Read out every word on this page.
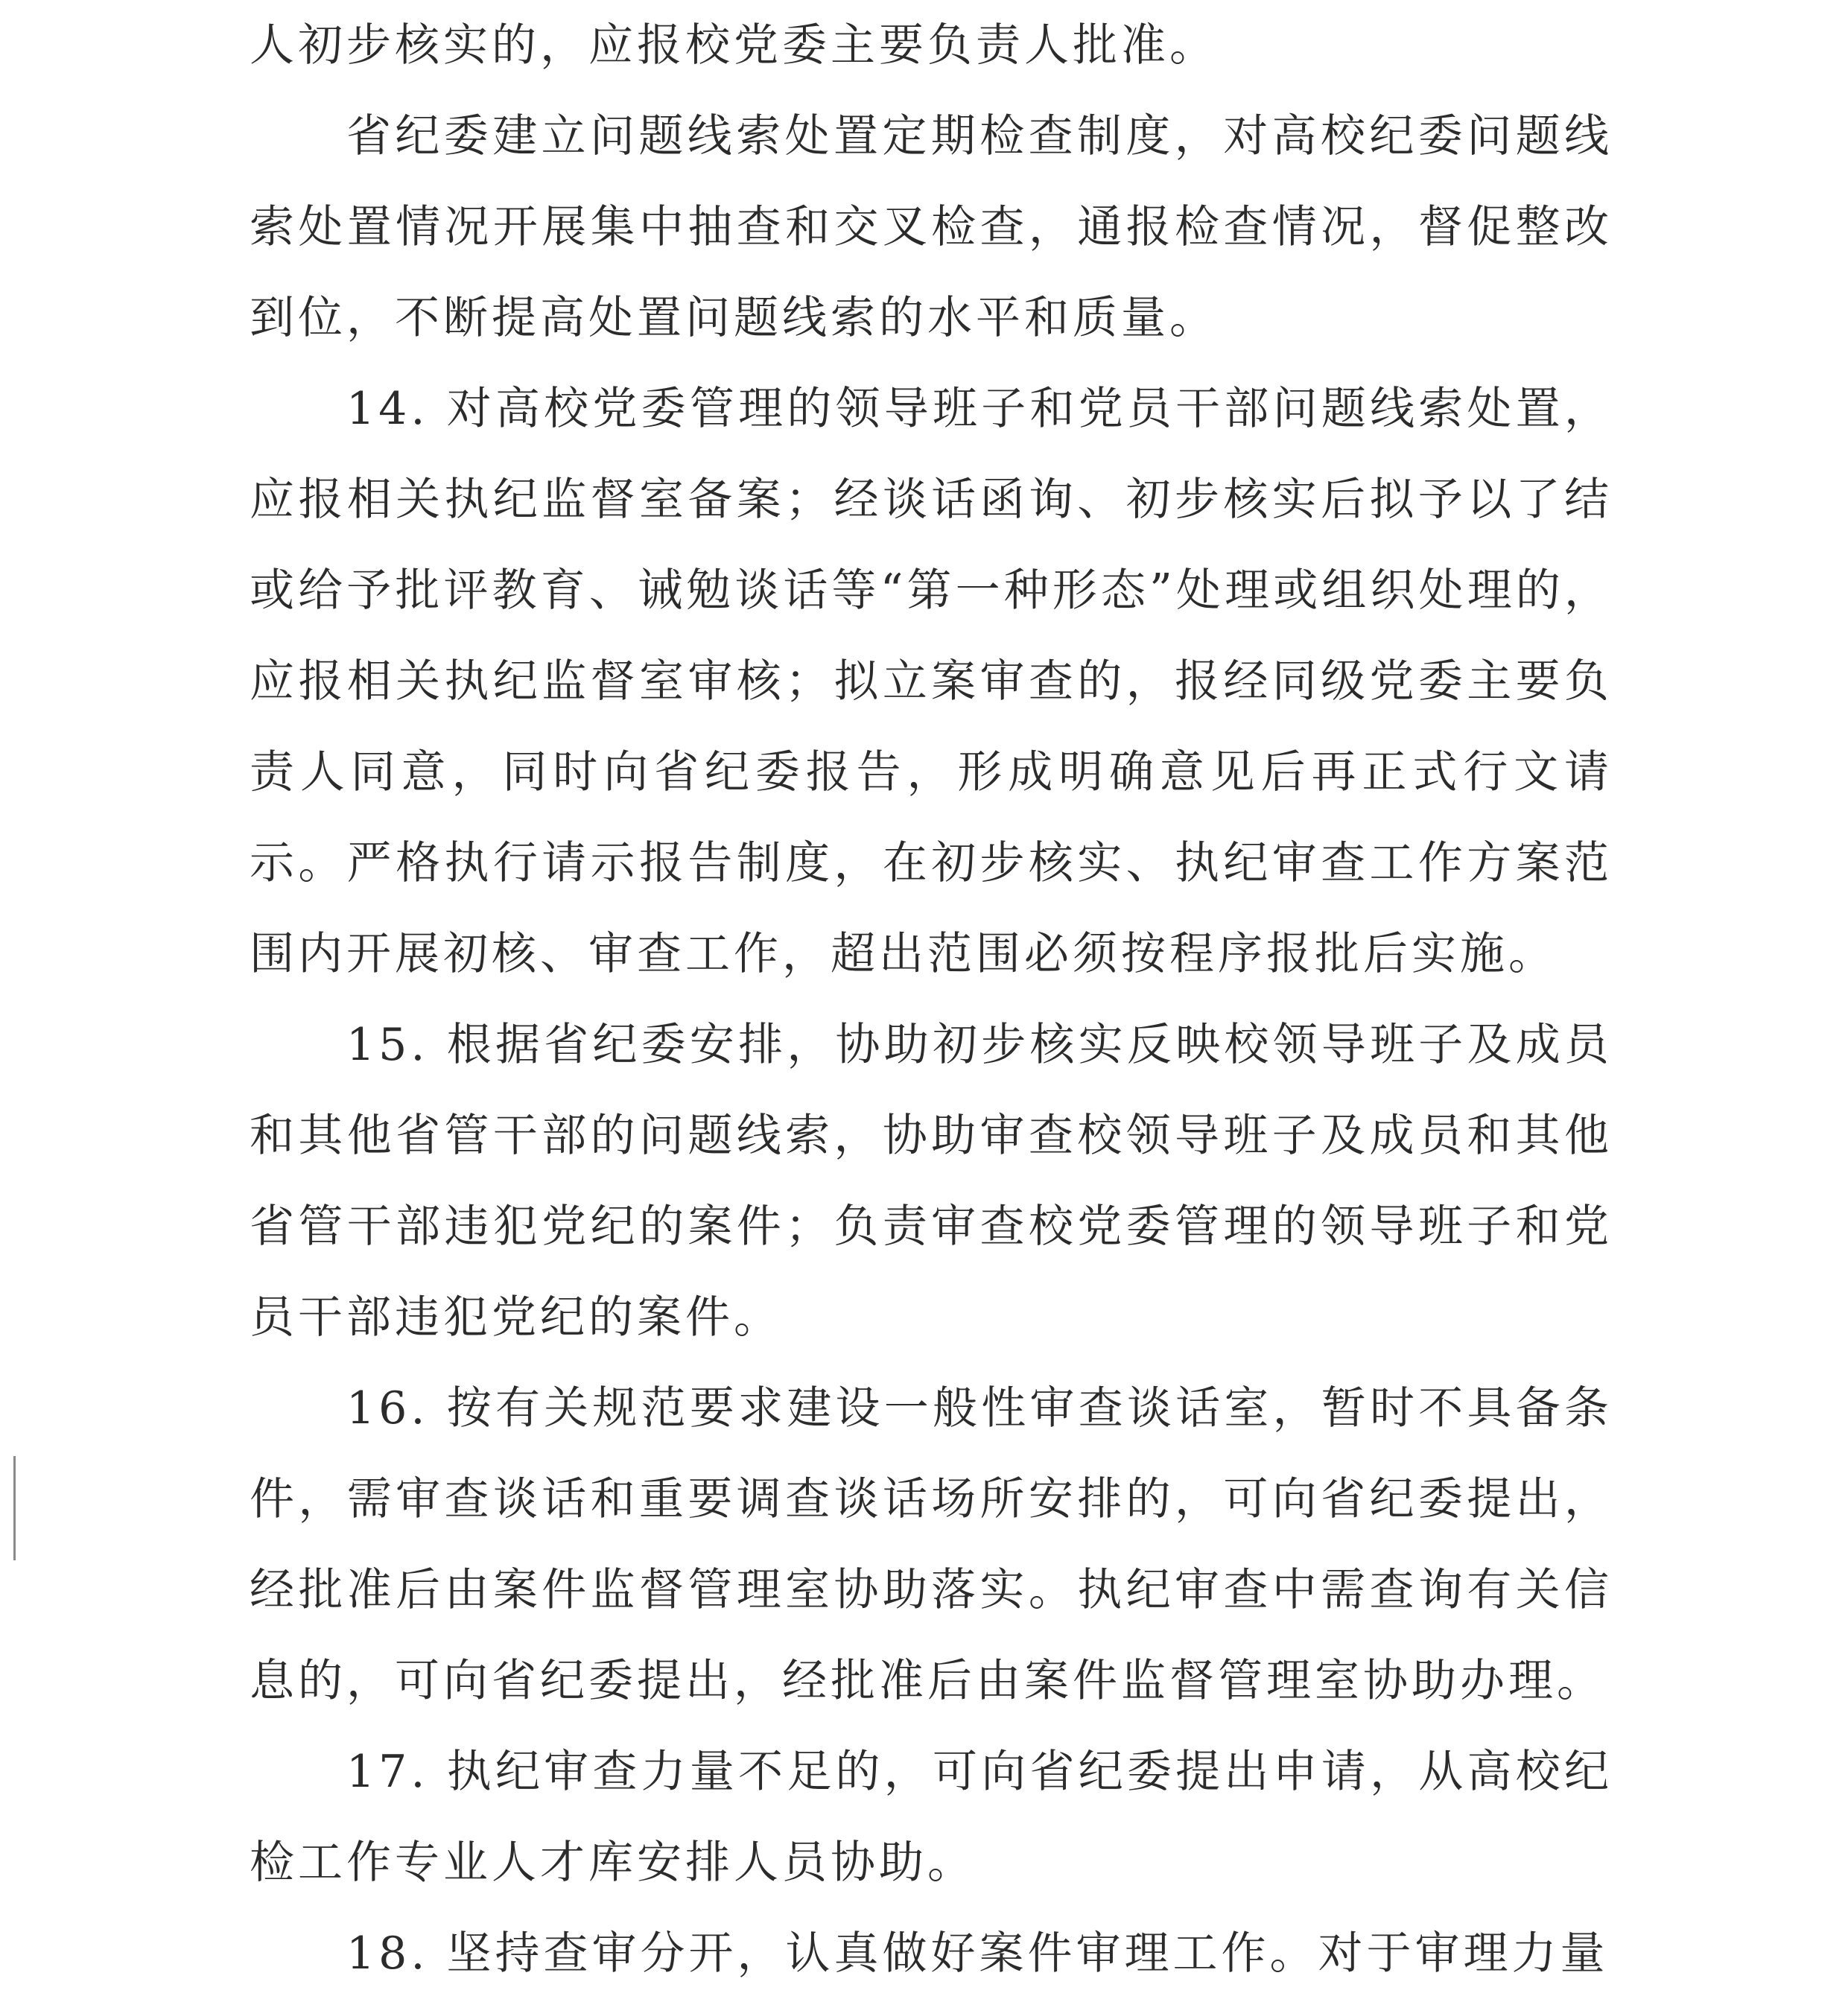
人初步核实的，应报校党委主要负责人批准。

省纪委建立问题线索处置定期检查制度，对高校纪委问题线索处置情况开展集中抽查和交叉检查，通报检查情况，督促整改到位，不断提高处置问题线索的水平和质量。

14. 对高校党委管理的领导班子和党员干部问题线索处置，应报相关执纪监督室备案；经谈话函询、初步核实后拟予以了结或给予批评教育、诫勉谈话等“第一种形态”处理或组织处理的，应报相关执纪监督室审核；拟立案审查的，报经同级党委主要负责人同意，同时向省纪委报告，形成明确意见后再正式行文请示。严格执行请示报告制度，在初步核实、执纪审查工作方案范围内开展初核、审查工作，超出范围必须按程序报批后实施。

15. 根据省纪委安排，协助初步核实反映校领导班子及成员和其他省管干部的问题线索，协助审查校领导班子及成员和其他省管干部违犯党纪的案件；负责审查校党委管理的领导班子和党员干部违犯党纪的案件。

16. 按有关规范要求建设一般性审查谈话室，暂时不具备条件，需审查谈话和重要调查谈话场所安排的，可向省纪委提出，经批准后由案件监督管理室协助落实。执纪审查中需查询有关信息的，可向省纪委提出，经批准后由案件监督管理室协助办理。

17. 执纪审查力量不足的，可向省纪委提出申请，从高校纪检工作专业人才库安排人员协助。

18. 坚持查审分开，认真做好案件审理工作。对于审理力量
